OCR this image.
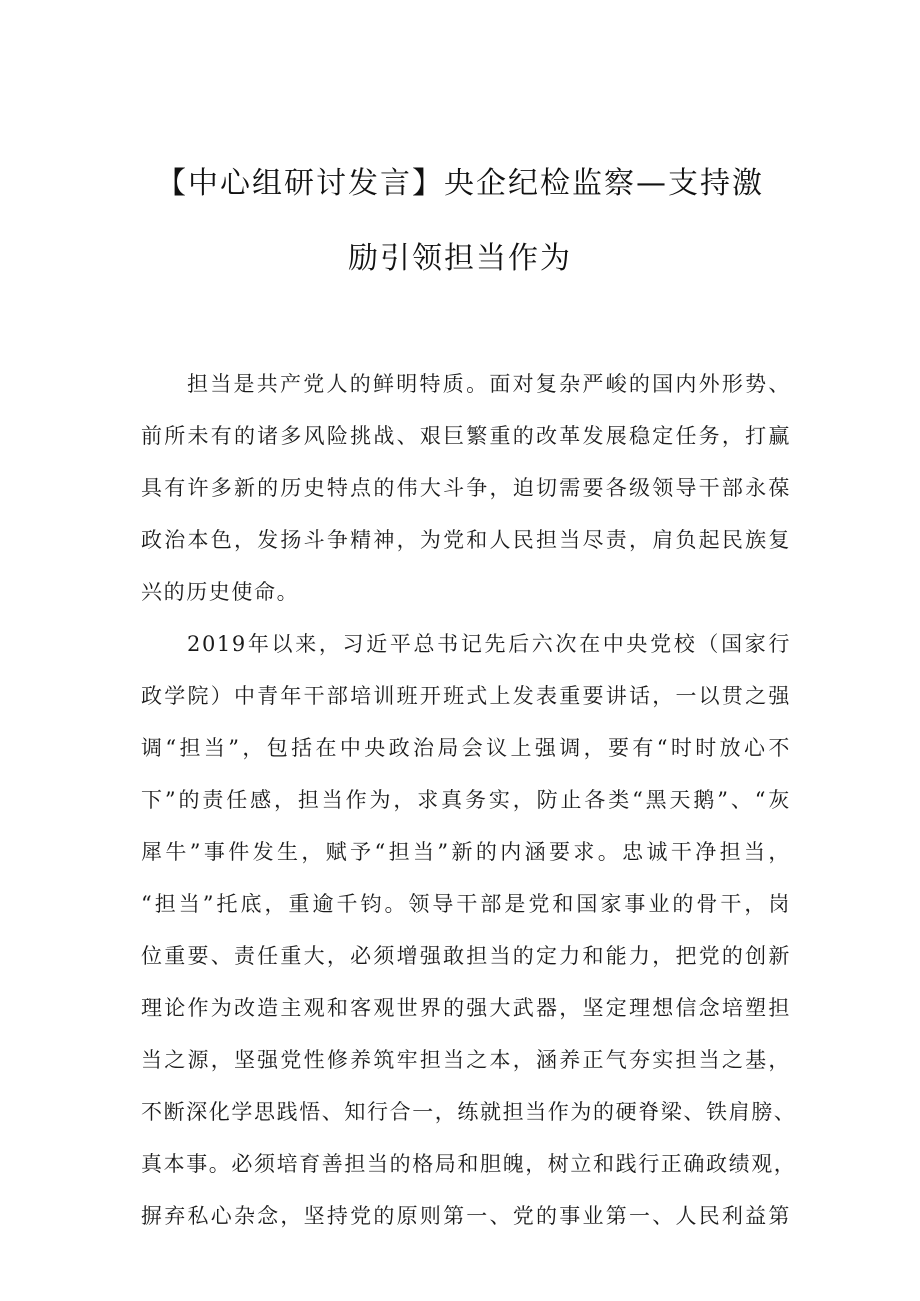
【中心组研讨发言】央企纪检监察—支持激
励引领担当作为
担当是共产党人的鲜明特质。面对复杂严峻的国内外形势、
前所未有的诸多风险挑战、艰巨繁重的改革发展稳定任务，打赢
具有许多新的历史特点的伟大斗争，迫切需要各级领导干部永葆
政治本色，发扬斗争精神，为党和人民担当尽责，肩负起民族复
兴的历史使命。
2019年以来，习近平总书记先后六次在中央党校（国家行
政学院）中青年干部培训班开班式上发表重要讲话，一以贯之强
调“担当”，包括在中央政治局会议上强调，要有“时时放心不
下”的责任感，担当作为，求真务实，防止各类“黑天鹅”、“灰
犀牛”事件发生，赋予“担当”新的内涵要求。忠诚干净担当，
“担当”托底，重逾千钧。领导干部是党和国家事业的骨干，岗
位重要、责任重大，必须增强敢担当的定力和能力，把党的创新
理论作为改造主观和客观世界的强大武器，坚定理想信念培塑担
当之源，坚强党性修养筑牢担当之本，涵养正气夯实担当之基，
不断深化学思践悟、知行合一，练就担当作为的硬脊梁、铁肩膀、
真本事。必须培育善担当的格局和胆魄，树立和践行正确政绩观，
摒弃私心杂念，坚持党的原则第一、党的事业第一、人民利益第
